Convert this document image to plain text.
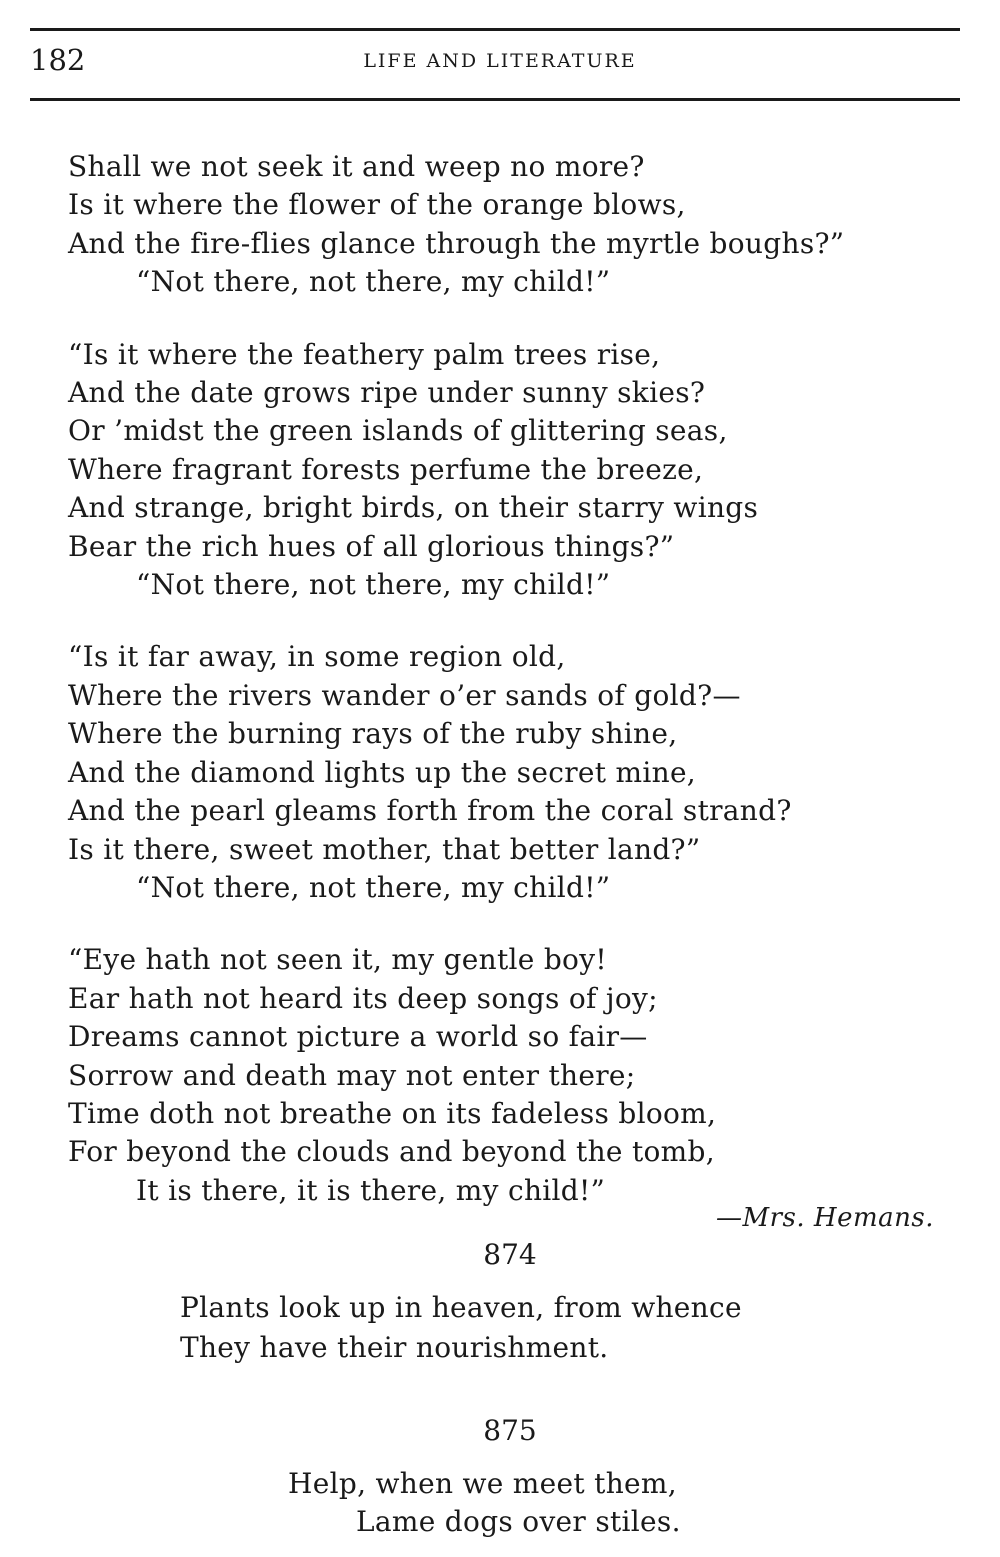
182	LIFE AND LITERATURE
Shall we not seek it and weep no more?
Is it where the flower of the orange blows,
And the fire-flies glance through the myrtle boughs?”
“Not there, not there, my child!”
“Is it where the feathery palm trees rise,
And the date grows ripe under sunny skies?
Or ’midst the green islands of glittering seas,
Where fragrant forests perfume the breeze,
And strange, bright birds, on their starry wings
Bear the rich hues of all glorious things?”
“Not there, not there, my child!”
“Is it far away, in some region old,
Where the rivers wander o’er sands of gold?—
Where the burning rays of the ruby shine,
And the diamond lights up the secret mine,
And the pearl gleams forth from the coral strand?
Is it there, sweet mother, that better land?”
“Not there, not there, my child!”
“Eye hath not seen it, my gentle boy!
Ear hath not heard its deep songs of joy;
Dreams cannot picture a world so fair—
Sorrow and death may not enter there;
Time doth not breathe on its fadeless bloom,
For beyond the clouds and beyond the tomb,
It is there, it is there, my child!”
—Mrs. Hemans.
874
Plants look up in heaven, from whence
They have their nourishment.
875
Help, when we meet them,
Lame dogs over stiles.
